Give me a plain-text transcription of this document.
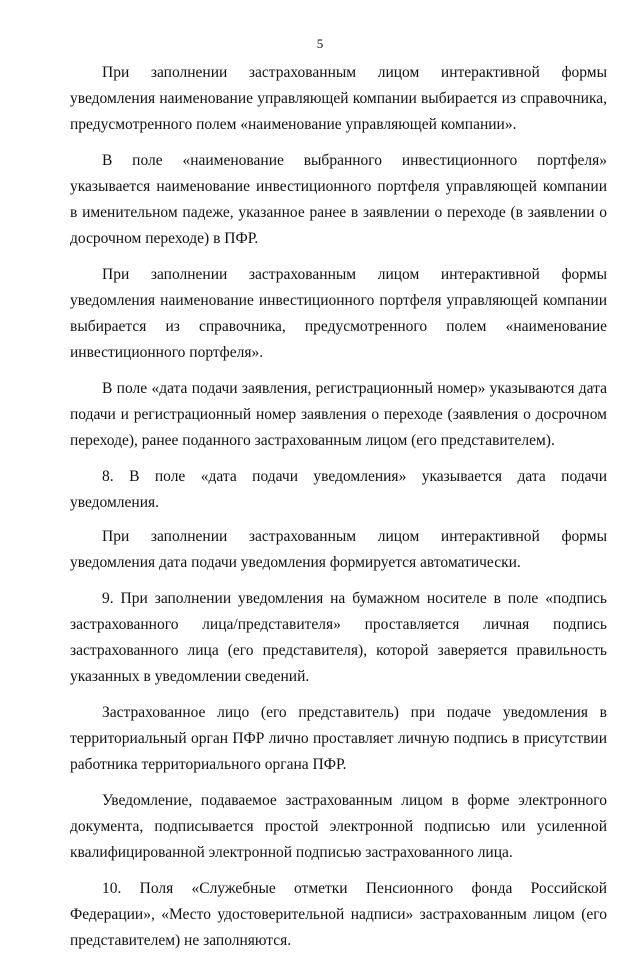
5

При заполнении застрахованным лицом интерактивной формы уведомления наименование управляющей компании выбирается из справочника, предусмотренного полем «наименование управляющей компании».

В поле «наименование выбранного инвестиционного портфеля» указывается наименование инвестиционного портфеля управляющей компании в именительном падеже, указанное ранее в заявлении о переходе (в заявлении о досрочном переходе) в ПФР.

При заполнении застрахованным лицом интерактивной формы уведомления наименование инвестиционного портфеля управляющей компании выбирается из справочника, предусмотренного полем «наименование инвестиционного портфеля».

В поле «дата подачи заявления, регистрационный номер» указываются дата подачи и регистрационный номер заявления о переходе (заявления о досрочном переходе), ранее поданного застрахованным лицом (его представителем).

8. В поле «дата подачи уведомления» указывается дата подачи уведомления.

При заполнении застрахованным лицом интерактивной формы уведомления дата подачи уведомления формируется автоматически.

9. При заполнении уведомления на бумажном носителе в поле «подпись застрахованного лица/представителя» проставляется личная подпись застрахованного лица (его представителя), которой заверяется правильность указанных в уведомлении сведений.

Застрахованное лицо (его представитель) при подаче уведомления в территориальный орган ПФР лично проставляет личную подпись в присутствии работника территориального органа ПФР.

Уведомление, подаваемое застрахованным лицом в форме электронного документа, подписывается простой электронной подписью или усиленной квалифицированной электронной подписью застрахованного лица.

10. Поля «Служебные отметки Пенсионного фонда Российской Федерации», «Место удостоверительной надписи» застрахованным лицом (его представителем) не заполняются.
